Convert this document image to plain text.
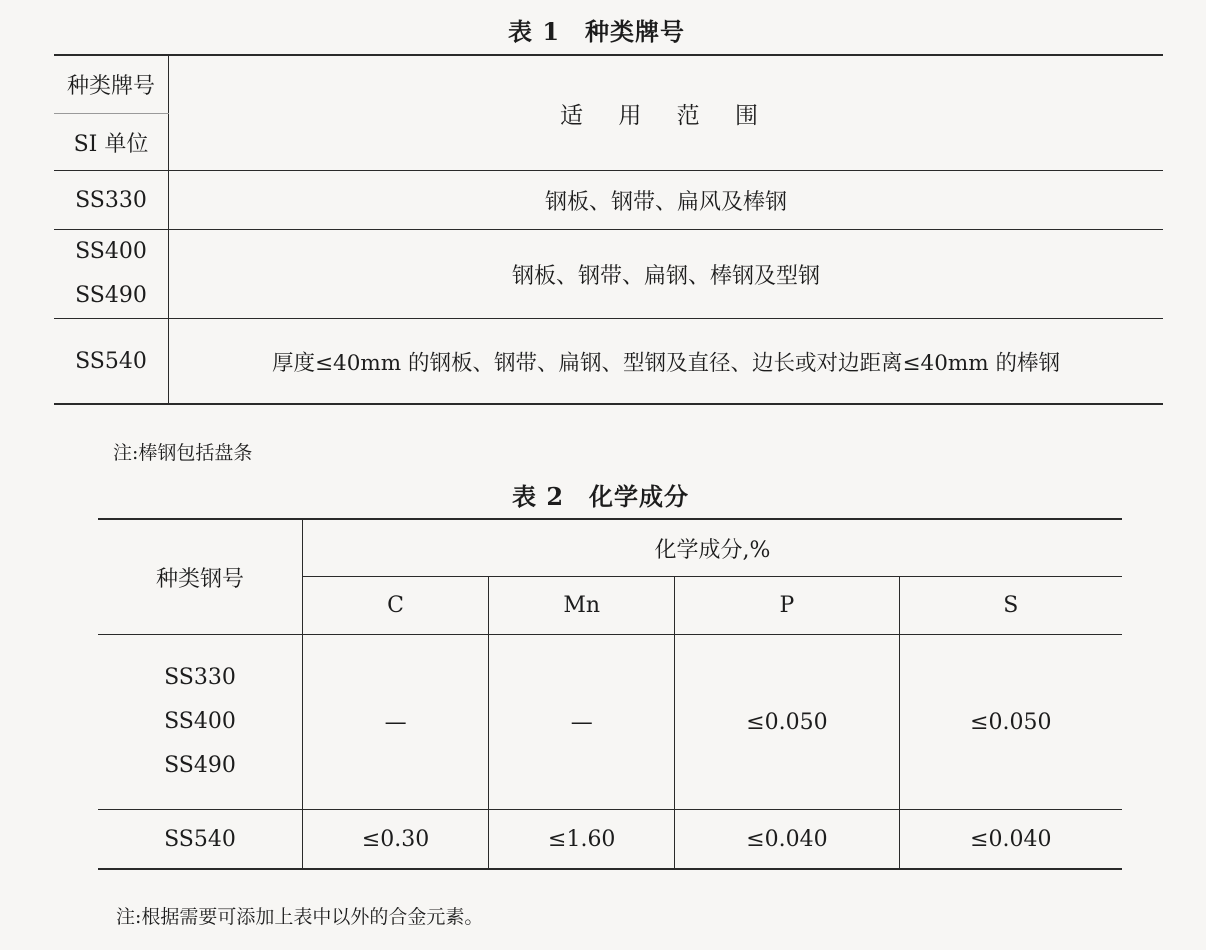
表 1　种类牌号
种类牌号	适 用 范 围
SI 单位	
SS330	钢板、钢带、扁风及棒钢

SS400
SS490	钢板、钢带、扁钢、棒钢及型钢
SS540	厚度≤40mm 的钢板、钢带、扁钢、型钢及直径、边长或对边距离≤40mm 的棒钢
注:棒钢包括盘条
表 2　化学成分
种类钢号	化学成分,%			
	C	Mn	P	S

SS330
SS400
SS490	—	—	≤0.050	≤0.050
SS540	≤0.30	≤1.60	≤0.040	≤0.040
注:根据需要可添加上表中以外的合金元素。
